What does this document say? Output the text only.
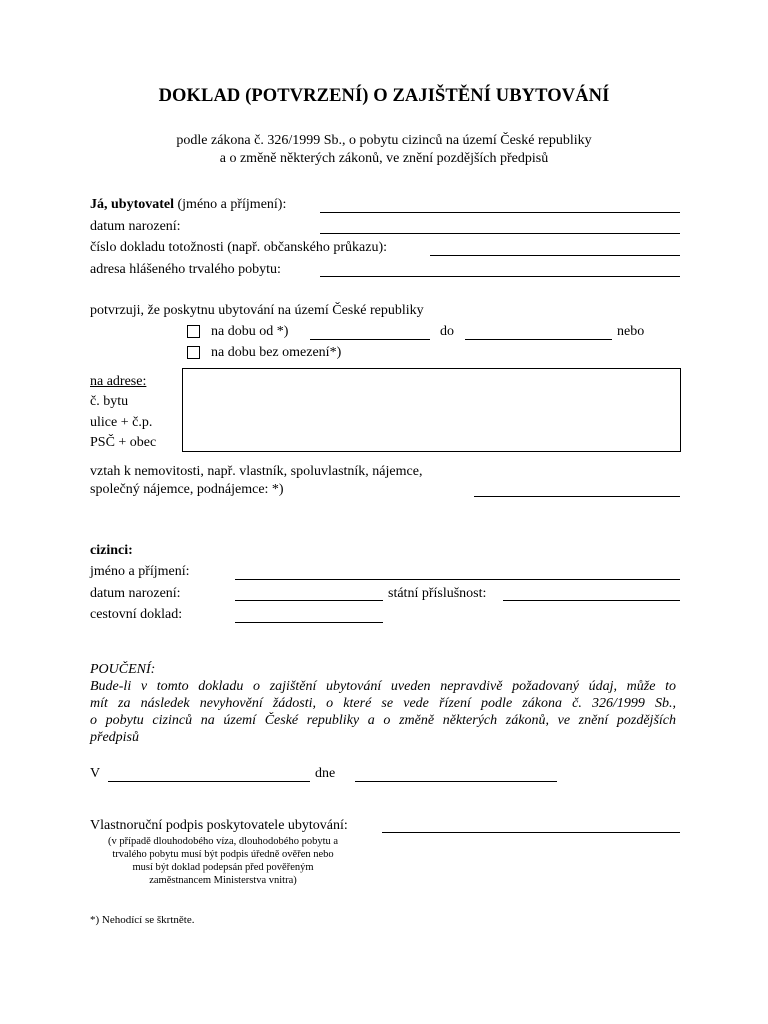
DOKLAD (POTVRZENÍ) O ZAJIŠTĚNÍ UBYTOVÁNÍ
podle zákona č. 326/1999 Sb., o pobytu cizinců na území České republiky
a o změně některých zákonů, ve znění pozdějších předpisů
Já, ubytovatel (jméno a příjmení):
datum narození:
číslo dokladu totožnosti (např. občanského průkazu):
adresa hlášeného trvalého pobytu:
potvrzuji, že poskytnu ubytování na území České republiky
na dobu od *)	do	nebo
na dobu bez omezení*)
na adrese:
č. bytu
ulice + č.p.
PSČ + obec
vztah k nemovitosti, např. vlastník, spoluvlastník, nájemce,
společný nájemce, podnájemce: *)
cizinci:
jméno a příjmení:
datum narození:	státní příslušnost:
cestovní doklad:
POUČENÍ:
Bude-li v tomto dokladu o zajištění ubytování uveden nepravdivě požadovaný údaj, může to
mít za následek nevyhovění žádosti, o které se vede řízení podle zákona č. 326/1999 Sb.,
o pobytu cizinců na území České republiky a o změně některých zákonů, ve znění pozdějších
předpisů
V	dne
Vlastnoruční podpis poskytovatele ubytování:
(v případě dlouhodobého víza, dlouhodobého pobytu a
trvalého pobytu musí být podpis úředně ověřen nebo
musí být doklad podepsán před pověřeným
zaměstnancem Ministerstva vnitra)
*) Nehodící se škrtněte.
